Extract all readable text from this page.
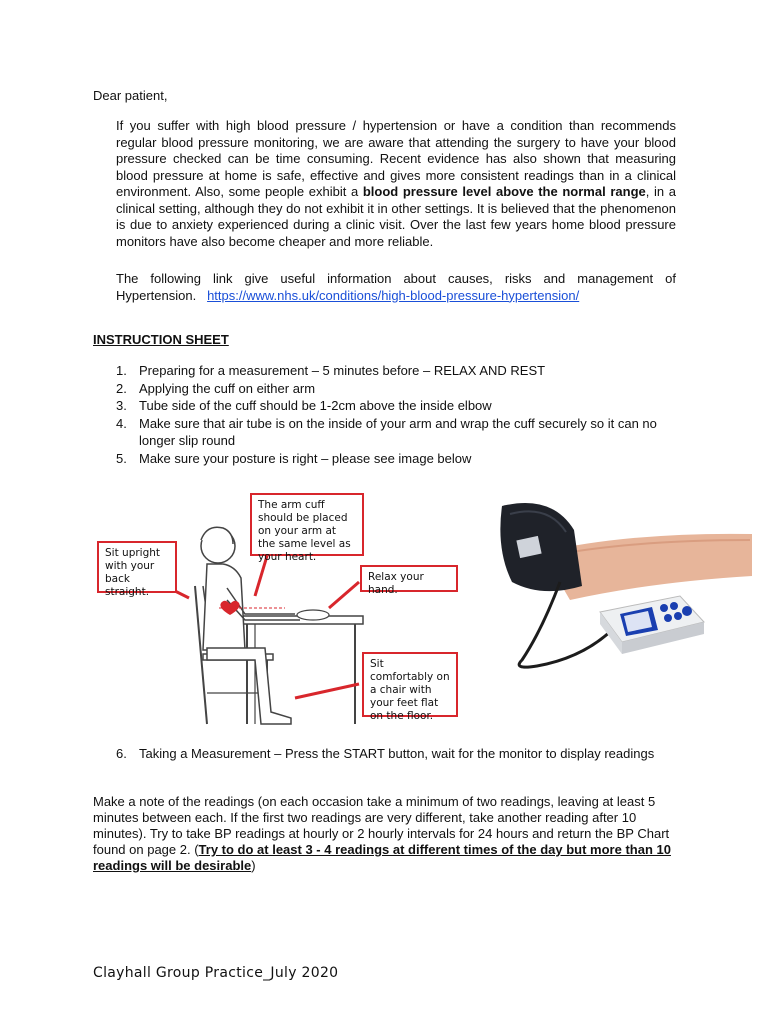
Dear patient,
If you suffer with high blood pressure / hypertension or have a condition than recommends regular blood pressure monitoring, we are aware that attending the surgery to have your blood pressure checked can be time consuming. Recent evidence has also shown that measuring blood pressure at home is safe, effective and gives more consistent readings than in a clinical environment. Also, some people exhibit a blood pressure level above the normal range, in a clinical setting, although they do not exhibit it in other settings. It is believed that the phenomenon is due to anxiety experienced during a clinic visit. Over the last few years home blood pressure monitors have also become cheaper and more reliable.
The following link give useful information about causes, risks and management of Hypertension. https://www.nhs.uk/conditions/high-blood-pressure-hypertension/
INSTRUCTION SHEET
1. Preparing for a measurement – 5 minutes before – RELAX AND REST
2. Applying the cuff on either arm
3. Tube side of the cuff should be 1-2cm above the inside elbow
4. Make sure that air tube is on the inside of your arm and wrap the cuff securely so it can no longer slip round
5. Make sure your posture is right – please see image below
Sit upright with your back straight.
The arm cuff should be placed on your arm at the same level as your heart.
Relax your hand.
Sit comfortably on a chair with your feet flat on the floor.
6. Taking a Measurement – Press the START button, wait for the monitor to display readings
Make a note of the readings (on each occasion take a minimum of two readings, leaving at least 5 minutes between each. If the first two readings are very different, take another reading after 10 minutes). Try to take BP readings at hourly or 2 hourly intervals for 24 hours and return the BP Chart found on page 2. (Try to do at least 3 - 4 readings at different times of the day but more than 10 readings will be desirable)
Clayhall Group Practice_July 2020
